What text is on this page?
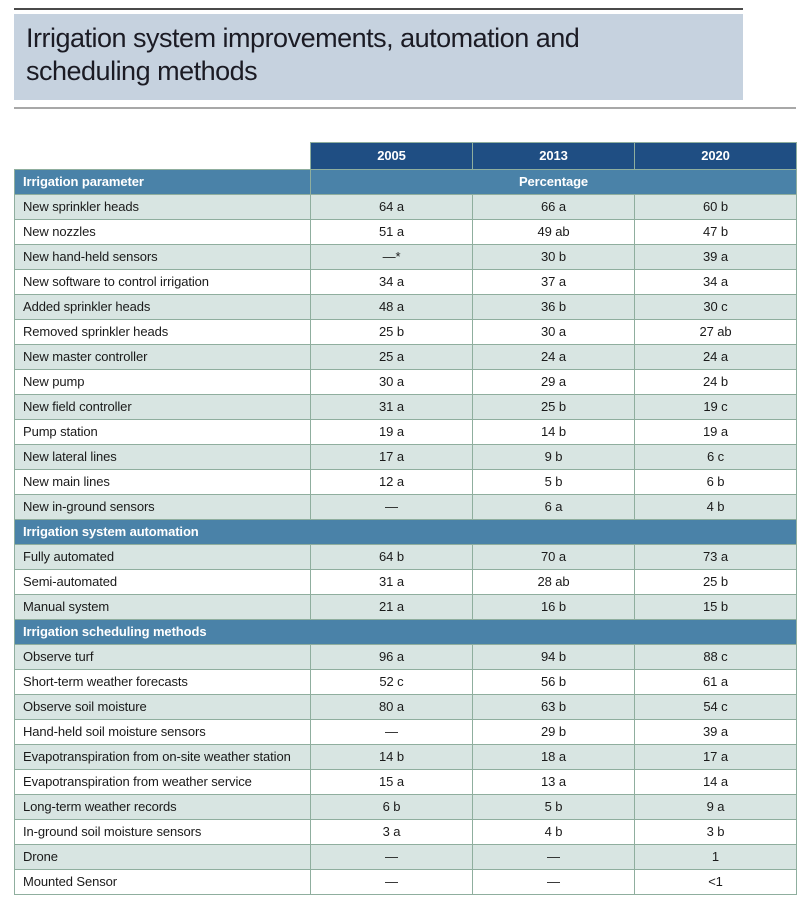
Irrigation system improvements, automation and scheduling methods
	2005	2013	2020
Irrigation parameter	Percentage		
New sprinkler heads	64 a	66 a	60 b
New nozzles	51 a	49 ab	47 b
New hand-held sensors	—*	30 b	39 a
New software to control irrigation	34 a	37 a	34 a
Added sprinkler heads	48 a	36 b	30 c
Removed sprinkler heads	25 b	30 a	27 ab
New master controller	25 a	24 a	24 a
New pump	30 a	29 a	24 b
New field controller	31 a	25 b	19 c
Pump station	19 a	14 b	19 a
New lateral lines	17 a	9 b	6 c
New main lines	12 a	5 b	6 b
New in-ground sensors	—	6 a	4 b
Irrigation system automation			
Fully automated	64 b	70 a	73 a
Semi-automated	31 a	28 ab	25 b
Manual system	21 a	16 b	15 b
Irrigation scheduling methods			
Observe turf	96 a	94 b	88 c
Short-term weather forecasts	52 c	56 b	61 a
Observe soil moisture	80 a	63 b	54 c
Hand-held soil moisture sensors	—	29 b	39 a
Evapotranspiration from on-site weather station	14 b	18 a	17 a
Evapotranspiration from weather service	15 a	13 a	14 a
Long-term weather records	6 b	5 b	9 a
In-ground soil moisture sensors	3 a	4 b	3 b
Drone	—	—	1
Mounted Sensor	—	—	<1
